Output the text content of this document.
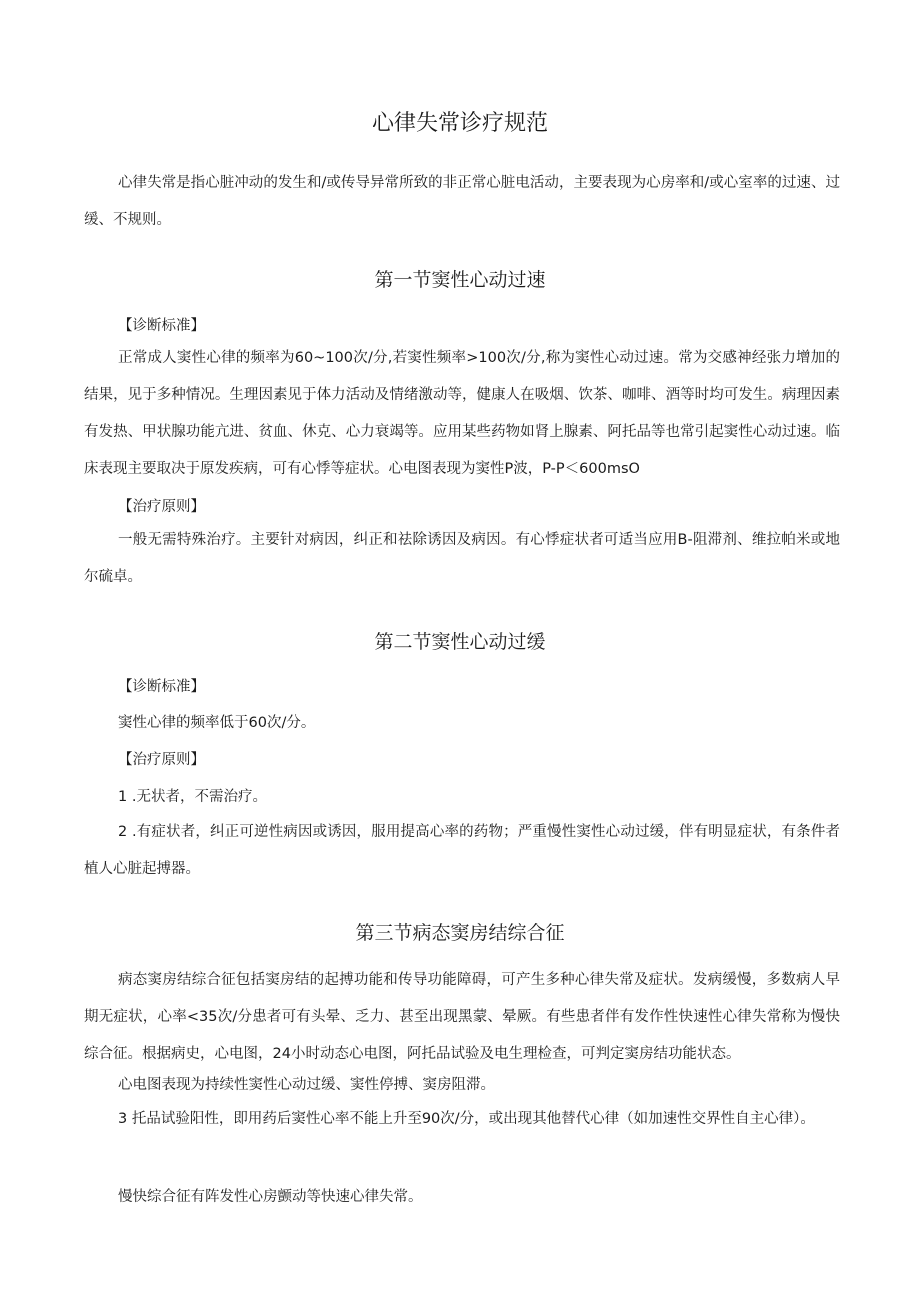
心律失常诊疗规范
心律失常是指心脏冲动的发生和/或传导异常所致的非正常心脏电活动，主要表现为心房率和/或心室率的过速、过缓、不规则。
第一节窦性心动过速
【诊断标准】
正常成人窦性心律的频率为60~100次/分,若窦性频率>100次/分,称为窦性心动过速。常为交感神经张力增加的结果，见于多种情况。生理因素见于体力活动及情绪激动等，健康人在吸烟、饮茶、咖啡、酒等时均可发生。病理因素有发热、甲状腺功能亢进、贫血、休克、心力衰竭等。应用某些药物如肾上腺素、阿托品等也常引起窦性心动过速。临床表现主要取决于原发疾病，可有心悸等症状。心电图表现为窦性P波，P-P＜600msO
【治疗原则】
一般无需特殊治疗。主要针对病因，纠正和祛除诱因及病因。有心悸症状者可适当应用B-阻滞剂、维拉帕米或地尔硫卓。
第二节窦性心动过缓
【诊断标准】
窦性心律的频率低于60次/分。
【治疗原则】
1 .无状者，不需治疗。
2 .有症状者，纠正可逆性病因或诱因，服用提高心率的药物；严重慢性窦性心动过缓，伴有明显症状，有条件者植人心脏起搏器。
第三节病态窦房结综合征
病态窦房结综合征包括窦房结的起搏功能和传导功能障碍，可产生多种心律失常及症状。发病缓慢，多数病人早期无症状，心率<35次/分患者可有头晕、乏力、甚至出现黑蒙、晕厥。有些患者伴有发作性快速性心律失常称为慢快综合征。根据病史，心电图，24小时动态心电图，阿托品试验及电生理检查，可判定窦房结功能状态。
心电图表现为持续性窦性心动过缓、窦性停搏、窦房阻滞。
3 托品试验阳性，即用药后窦性心率不能上升至90次/分，或出现其他替代心律（如加速性交界性自主心律）。
慢快综合征有阵发性心房颤动等快速心律失常。
